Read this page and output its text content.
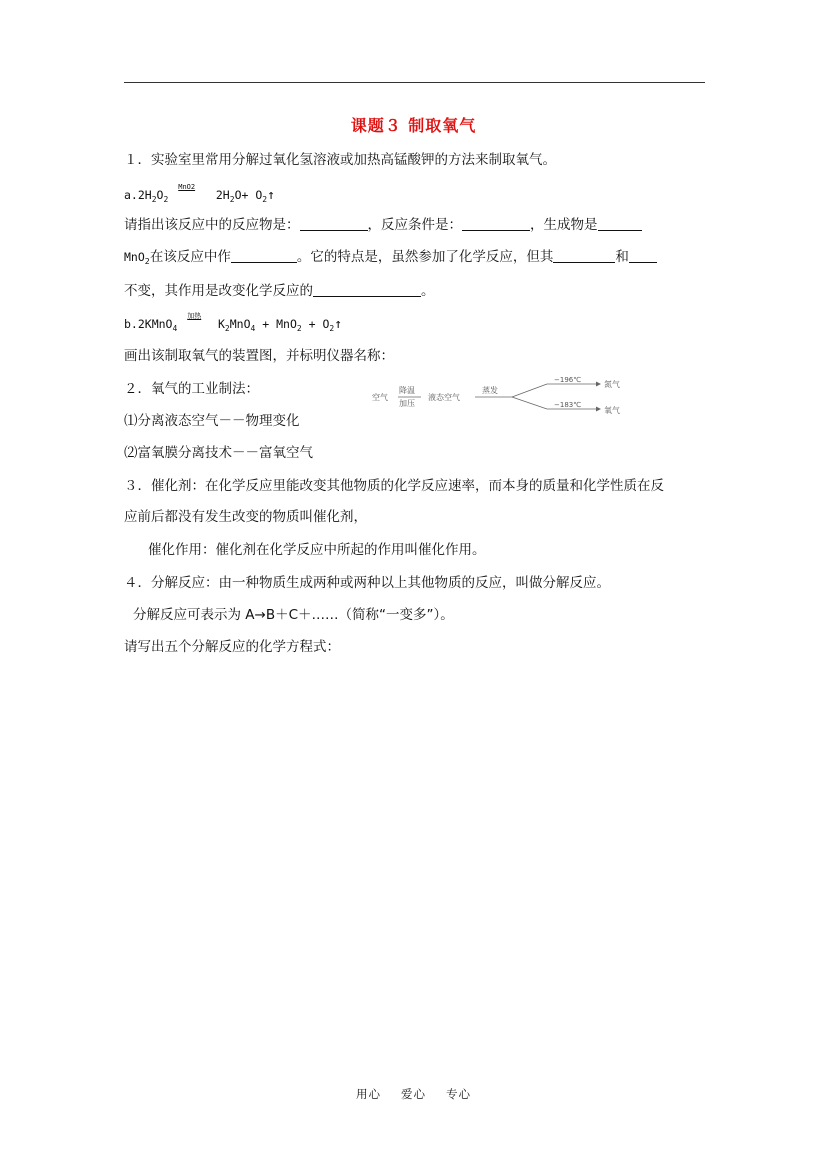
课题３ 制取氧气
１．实验室里常用分解过氧化氢溶液或加热高锰酸钾的方法来制取氧气。
$a.2H_2O_2$
MnO2
$2H_2O+$ $O_2↑$
请指出该反应中的反应物是：	，反应条件是：	，生成物是
MnO$_2$在该反应中作	。它的特点是，虽然参加了化学反应，但其	和
不变，其作用是改变化学反应的	。
b.2KMnO$_4$
加热
$K_2MnO_4 + MnO_2$ + $O_2↑$
画出该制取氧气的装置图，并标明仪器名称：
２．氧气的工业制法：
⑴分离液态空气－－物理变化
⑵富氧膜分离技术－－富氧空气
空气
降温
加压
液态空气
蒸发
−196℃	氮气
−183℃
氧气
３．催化剂：在化学反应里能改变其他物质的化学反应速率，而本身的质量和化学性质在反
应前后都没有发生改变的物质叫催化剂，
催化作用：催化剂在化学反应中所起的作用叫催化作用。
４．分解反应：由一种物质生成两种或两种以上其他物质的反应，叫做分解反应。
分解反应可表示为 A→B＋C＋……（简称“一变多”）。
请写出五个分解反应的化学方程式：
用心 爱心 专心
